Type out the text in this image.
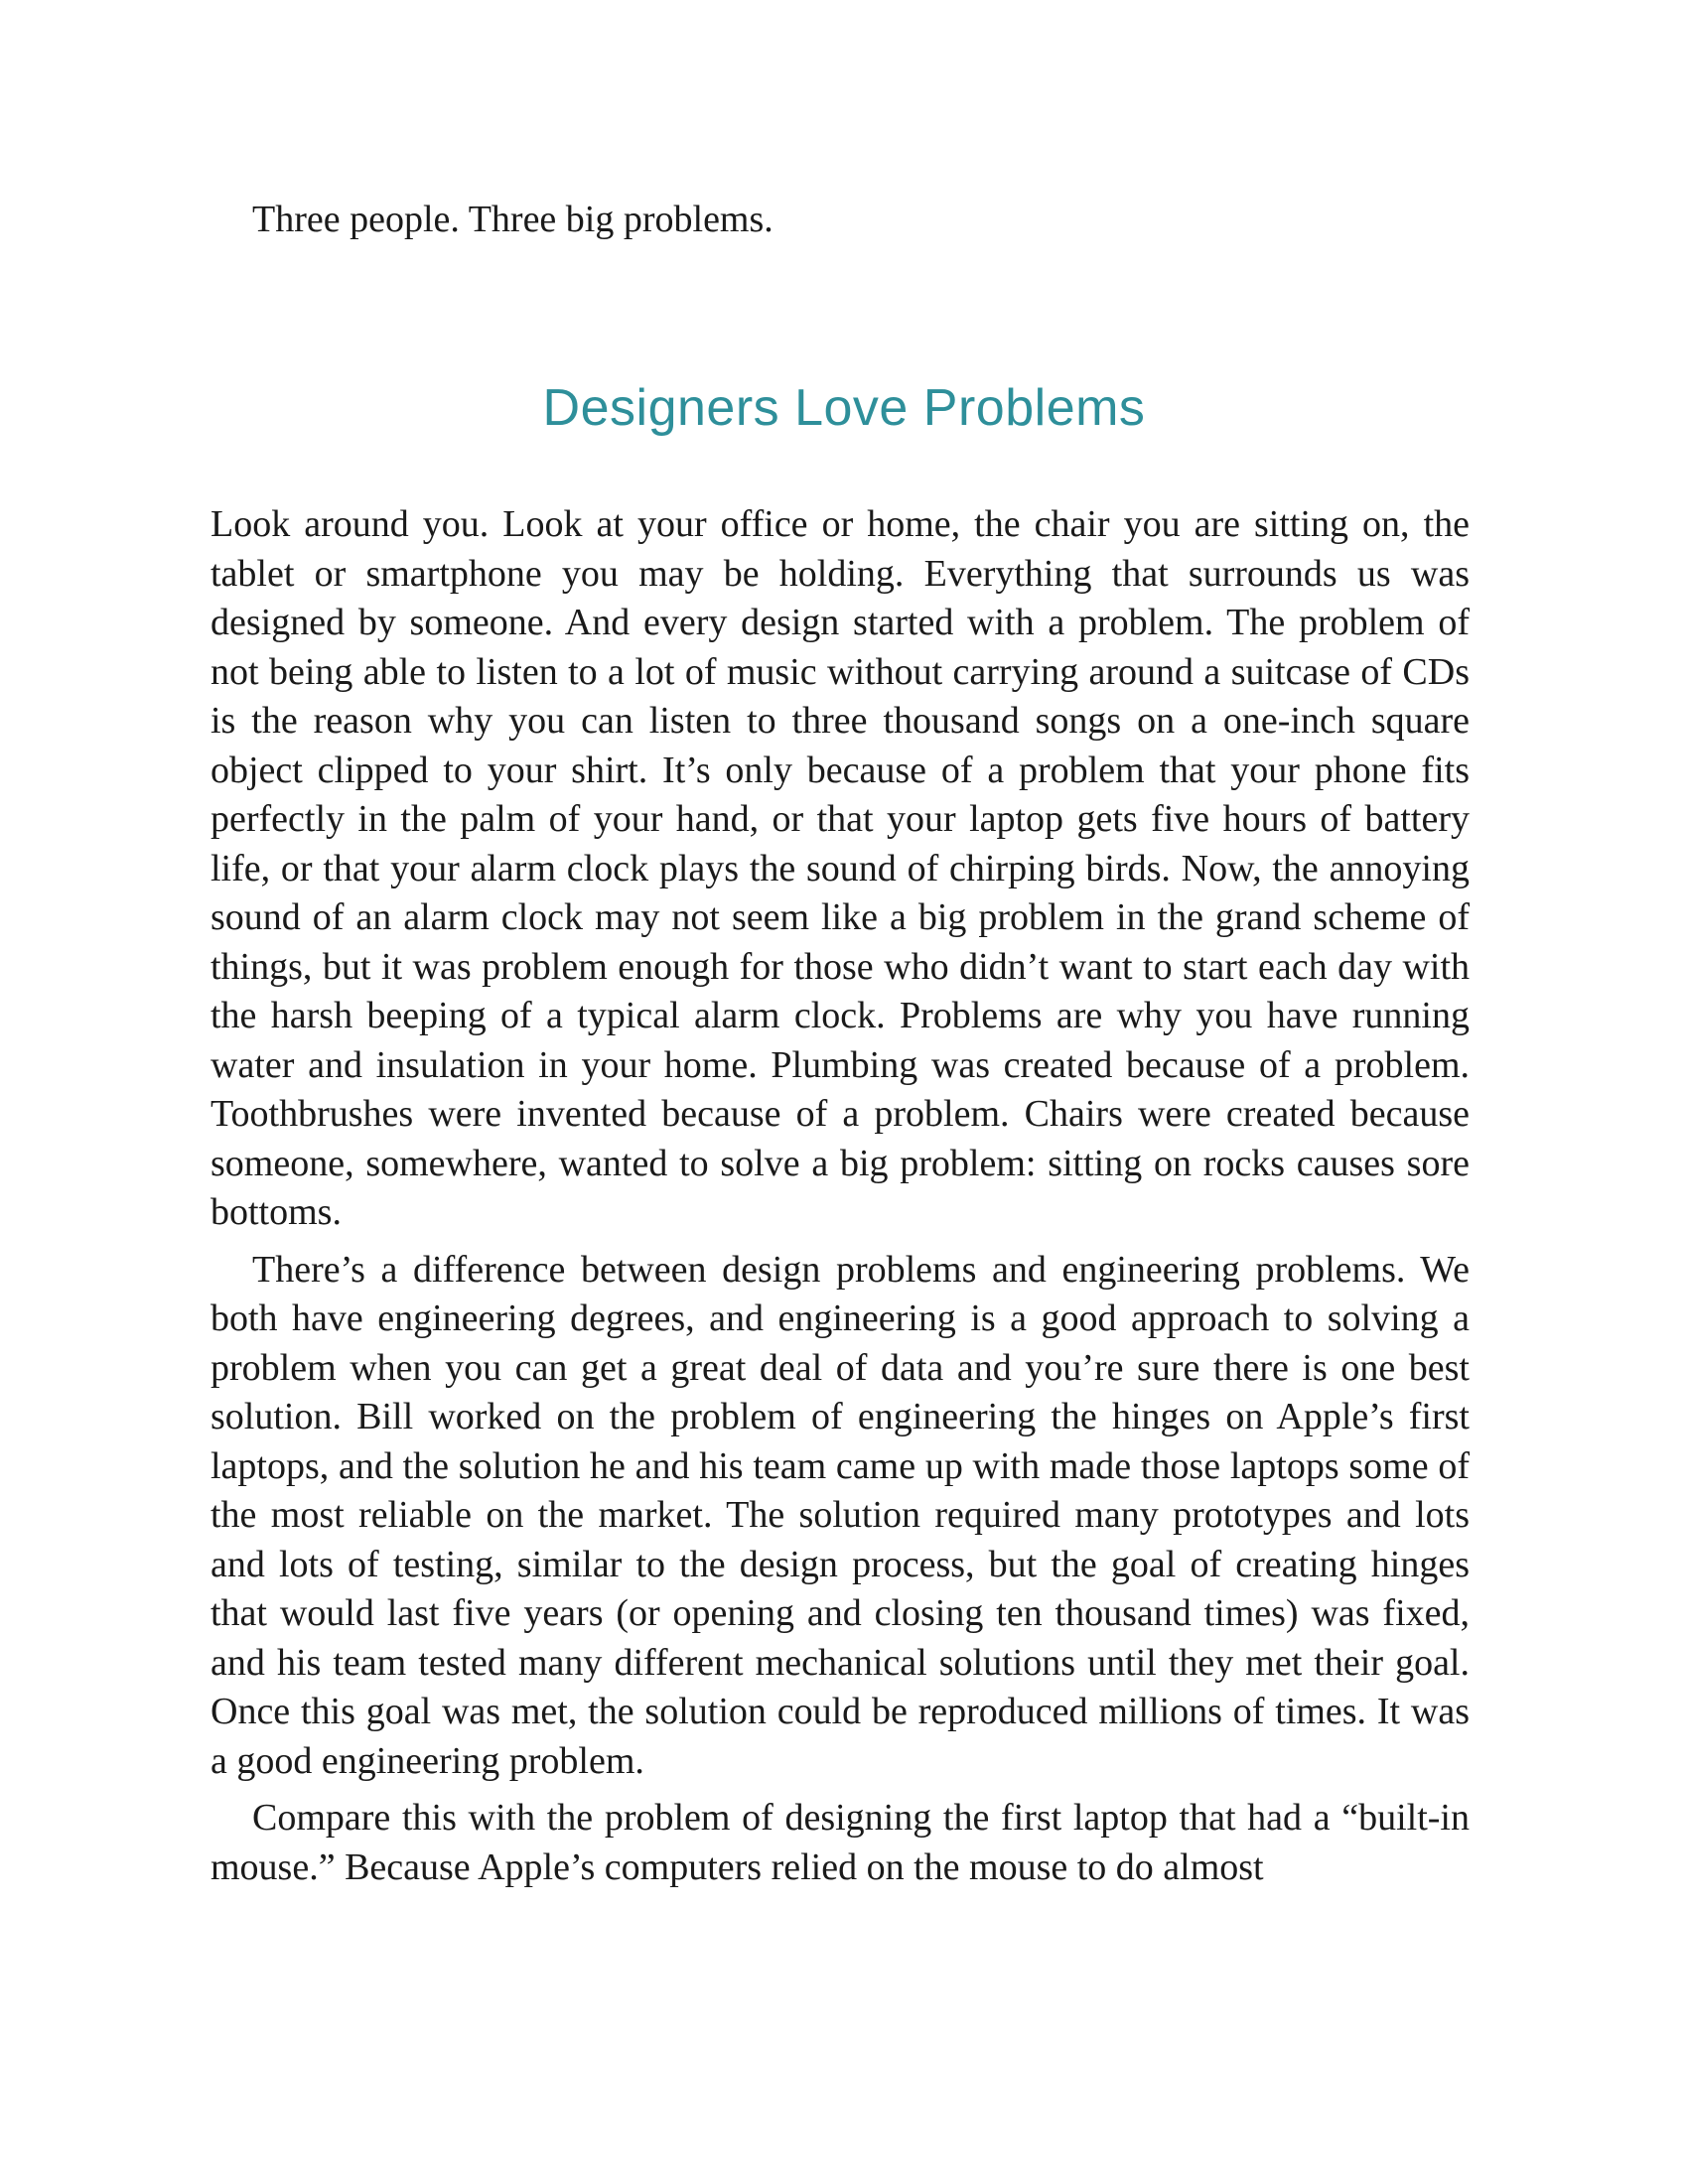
Three people. Three big problems.

Designers Love Problems

Look around you. Look at your office or home, the chair you are sitting on, the tablet or smartphone you may be holding. Everything that surrounds us was designed by someone. And every design started with a problem. The problem of not being able to listen to a lot of music without carrying around a suitcase of CDs is the reason why you can listen to three thousand songs on a one-inch square object clipped to your shirt. It’s only because of a problem that your phone fits perfectly in the palm of your hand, or that your laptop gets five hours of battery life, or that your alarm clock plays the sound of chirping birds. Now, the annoying sound of an alarm clock may not seem like a big problem in the grand scheme of things, but it was problem enough for those who didn’t want to start each day with the harsh beeping of a typical alarm clock. Problems are why you have running water and insulation in your home. Plumbing was created because of a problem. Toothbrushes were invented because of a problem. Chairs were created because someone, somewhere, wanted to solve a big problem: sitting on rocks causes sore bottoms.

There’s a difference between design problems and engineering problems. We both have engineering degrees, and engineering is a good approach to solving a problem when you can get a great deal of data and you’re sure there is one best solution. Bill worked on the problem of engineering the hinges on Apple’s first laptops, and the solution he and his team came up with made those laptops some of the most reliable on the market. The solution required many prototypes and lots and lots of testing, similar to the design process, but the goal of creating hinges that would last five years (or opening and closing ten thousand times) was fixed, and his team tested many different mechanical solutions until they met their goal. Once this goal was met, the solution could be reproduced millions of times. It was a good engineering problem.

Compare this with the problem of designing the first laptop that had a “built-in mouse.” Because Apple’s computers relied on the mouse to do almost
